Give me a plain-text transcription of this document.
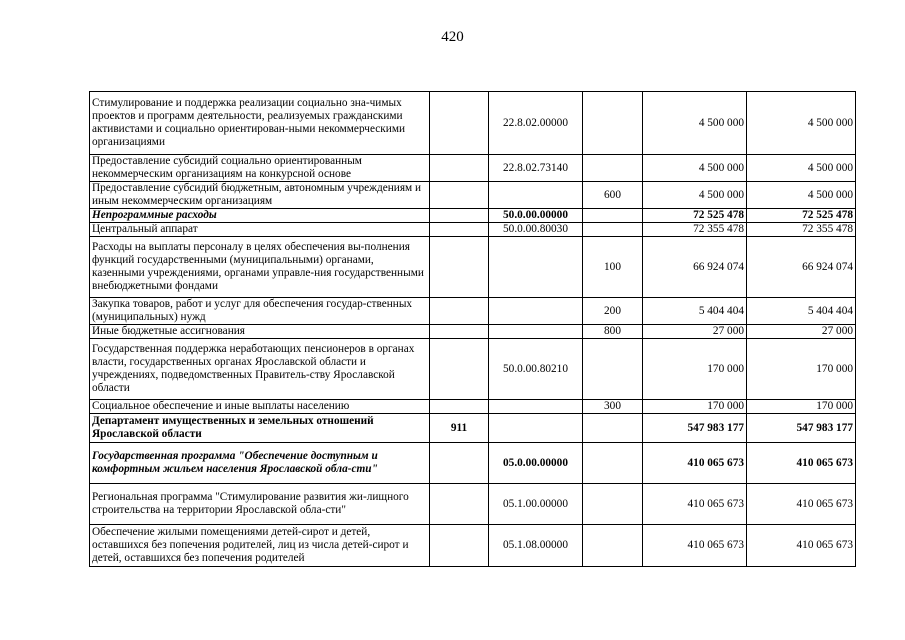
420
Стимулирование и поддержка реализации социально зна-чимых проектов и программ деятельности, реализуемых гражданскими активистами и социально ориентирован-ными некоммерческими организациями		22.8.02.00000		4 500 000	4 500 000
Предоставление субсидий социально ориентированным некоммерческим организациям на конкурсной основе		22.8.02.73140		4 500 000	4 500 000
Предоставление субсидий бюджетным, автономным учреждениям и иным некоммерческим организациям			600	4 500 000	4 500 000
Непрограммные расходы		50.0.00.00000		72 525 478	72 525 478
Центральный аппарат		50.0.00.80030		72 355 478	72 355 478
Расходы на выплаты персоналу в целях обеспечения вы-полнения функций государственными (муниципальными) органами, казенными учреждениями, органами управле-ния государственными внебюджетными фондами			100	66 924 074	66 924 074
Закупка товаров, работ и услуг для обеспечения государ-ственных (муниципальных) нужд			200	5 404 404	5 404 404
Иные бюджетные ассигнования			800	27 000	27 000
Государственная поддержка неработающих пенсионеров в органах власти, государственных органах Ярославской области и учреждениях, подведомственных Правитель-ству Ярославской области		50.0.00.80210		170 000	170 000
Социальное обеспечение и иные выплаты населению			300	170 000	170 000
Департамент имущественных и земельных отношений Ярославской области	911			547 983 177	547 983 177
Государственная программа "Обеспечение доступным и комфортным жильем населения Ярославской обла-сти"		05.0.00.00000		410 065 673	410 065 673
Региональная программа "Стимулирование развития жи-лищного строительства на территории Ярославской обла-сти"		05.1.00.00000		410 065 673	410 065 673
Обеспечение жилыми помещениями детей-сирот и детей, оставшихся без попечения родителей, лиц из числа детей-сирот и детей, оставшихся без попечения родителей		05.1.08.00000		410 065 673	410 065 673
